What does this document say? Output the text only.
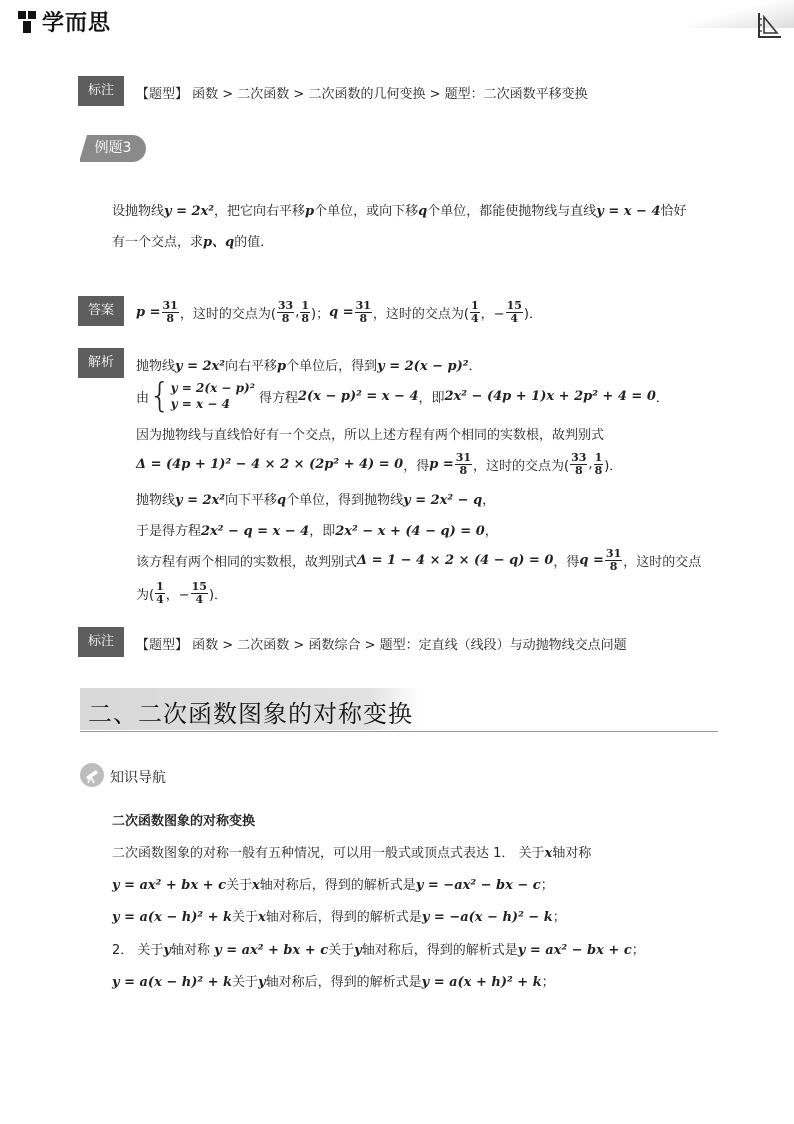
学而思
标注	【题型】 函数 > 二次函数 > 二次函数的几何变换 > 题型：二次函数平移变换
例题3
设抛物线y = 2x²，把它向右平移p个单位，或向下移q个单位，都能使抛物线与直线y = x − 4恰好
有一个交点，求p、q的值．
答案	$p = \frac{31}{8}$ ，这时的交点为( $\frac{33}{8}$ , $\frac{1}{8}$ )； $q = \frac{31}{8}$ ，这时的交点为( $\frac{1}{4}$ ，− $\frac{15}{4}$ )．
解析	抛物线y = 2x²向右平移p个单位后，得到y = 2(x − p)²．
由 { y = 2(x − p)²
y = x − 4	得方程 2(x − p)² = x − 4 ，即 2x² − (4p + 1)x + 2p² + 4 = 0 ．
因为抛物线与直线恰好有一个交点，所以上述方程有两个相同的实数根，故判别式
Δ = (4p + 1)² − 4 × 2 × (2p² + 4) = 0 ，得 $p = \frac{31}{8}$ ，这时的交点为( $\frac{33}{8}$ , $\frac{1}{8}$ )．
抛物线y = 2x²向下平移q个单位，得到抛物线y = 2x² − q，
于是得方程2x² − q = x − 4，即2x² − x + (4 − q) = 0，
该方程有两个相同的实数根，故判别式 Δ = 1 − 4 × 2 × (4 − q) = 0 ，得 $q = \frac{31}{8}$ ，这时的交点
为( $\frac{1}{4}$ ，− $\frac{15}{4}$ )．
标注	【题型】 函数 > 二次函数 > 函数综合 > 题型：定直线（线段）与动抛物线交点问题
二、二次函数图象的对称变换
知识导航
二次函数图象的对称变换
二次函数图象的对称一般有五种情况，可以用一般式或顶点式表达 1． 关于x轴对称
y = ax² + bx + c关于x轴对称后，得到的解析式是y = −ax² − bx − c；
y = a(x − h)² + k关于x轴对称后，得到的解析式是y = −a(x − h)² − k；
2． 关于y轴对称 y = ax² + bx + c关于y轴对称后，得到的解析式是y = ax² − bx + c；
y = a(x − h)² + k关于y轴对称后，得到的解析式是y = a(x + h)² + k；
